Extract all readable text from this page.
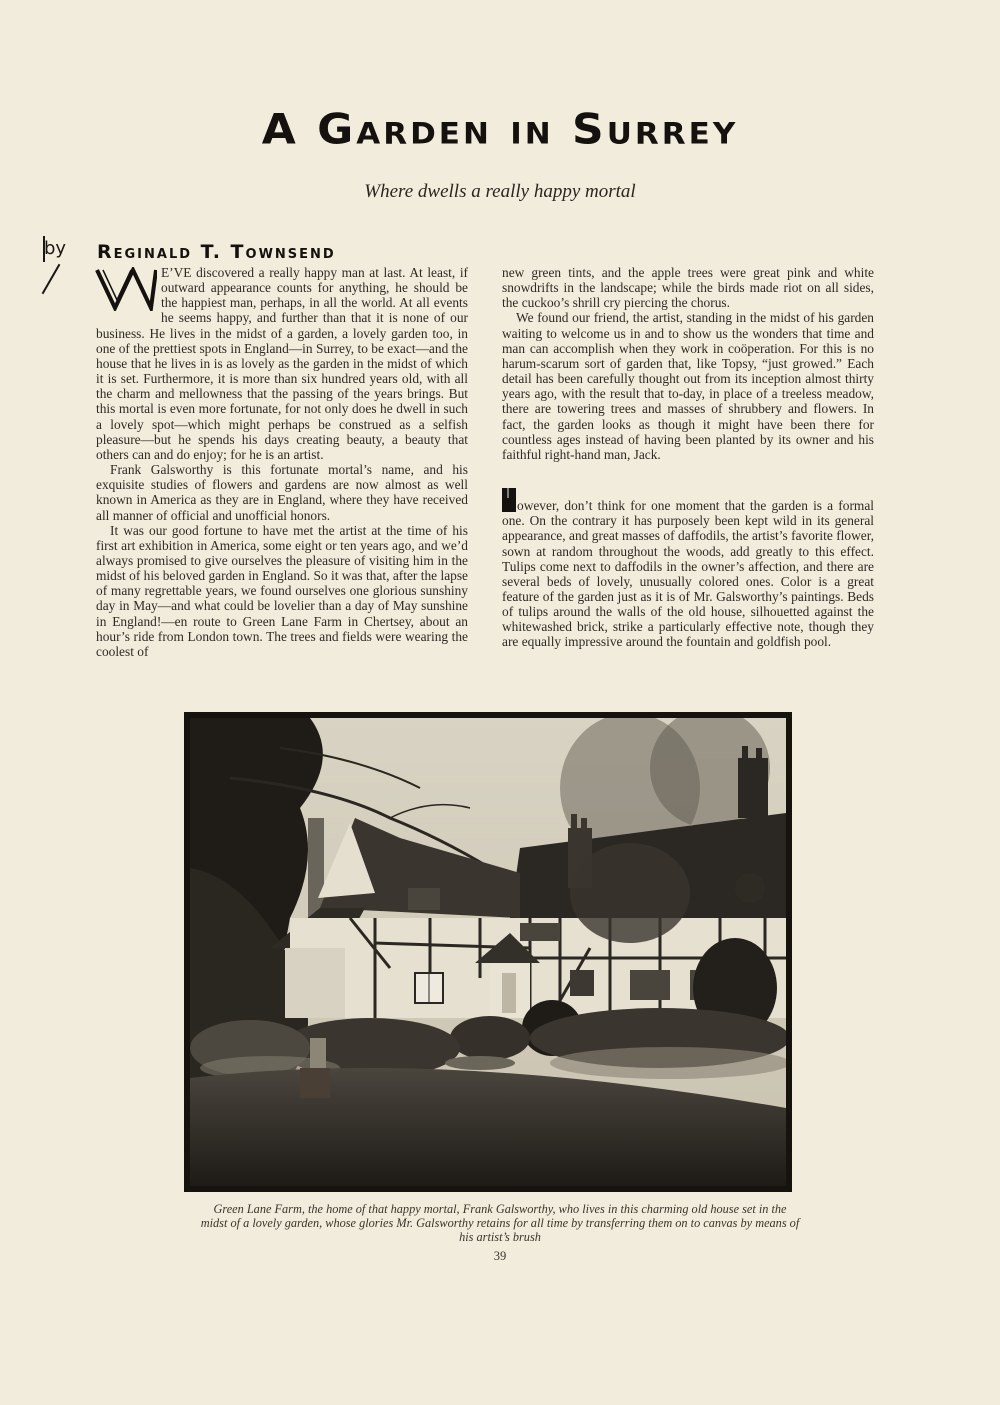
A Garden in Surrey
Where dwells a really happy mortal
by Reginald T. Townsend

E’VE discovered a really happy man at last. At least, if outward appearance counts for anything, he should be the happiest man, perhaps, in all the world. At all events he seems happy, and further than that it is none of our business. He lives in the midst of a garden, a lovely garden too, in one of the prettiest spots in England—in Surrey, to be exact—and the house that he lives in is as lovely as the garden in the midst of which it is set. Furthermore, it is more than six hundred years old, with all the charm and mellowness that the passing of the years brings. But this mortal is even more fortunate, for not only does he dwell in such a lovely spot—which might perhaps be construed as a selfish pleasure—but he spends his days creating beauty, a beauty that others can and do enjoy; for he is an artist.

Frank Galsworthy is this fortunate mortal’s name, and his exquisite studies of flowers and gardens are now almost as well known in America as they are in England, where they have received all manner of official and unofficial honors.

It was our good fortune to have met the artist at the time of his first art exhibition in America, some eight or ten years ago, and we’d always promised to give ourselves the pleasure of visiting him in the midst of his beloved garden in England. So it was that, after the lapse of many regrettable years, we found ourselves one glorious sunshiny day in May—and what could be lovelier than a day of May sunshine in England!—en route to Green Lane Farm in Chertsey, about an hour’s ride from London town. The trees and fields were wearing the coolest of

new green tints, and the apple trees were great pink and white snowdrifts in the landscape; while the birds made riot on all sides, the cuckoo’s shrill cry piercing the chorus.

We found our friend, the artist, standing in the midst of his garden waiting to welcome us in and to show us the wonders that time and man can accomplish when they work in coöperation. For this is no harum-scarum sort of garden that, like Topsy, “just growed.” Each detail has been carefully thought out from its inception almost thirty years ago, with the result that to-day, in place of a treeless meadow, there are towering trees and masses of shrubbery and flowers. In fact, the garden looks as though it might have been there for countless ages instead of having been planted by its owner and his faithful right-hand man, Jack.

owever, don’t think for one moment that the garden is a formal one. On the contrary it has purposely been kept wild in its general appearance, and great masses of daffodils, the artist’s favorite flower, sown at random throughout the woods, add greatly to this effect. Tulips come next to daffodils in the owner’s affection, and there are several beds of lovely, unusually colored ones. Color is a great feature of the garden just as it is of Mr. Galsworthy’s paintings. Beds of tulips around the walls of the old house, silhouetted against the whitewashed brick, strike a particularly effective note, though they are equally impressive around the fountain and goldfish pool.

Green Lane Farm, the home of that happy mortal, Frank Galsworthy, who lives in this charming old house set in the midst of a lovely garden, whose glories Mr. Galsworthy retains for all time by transferring them on to canvas by means of his artist’s brush
39
